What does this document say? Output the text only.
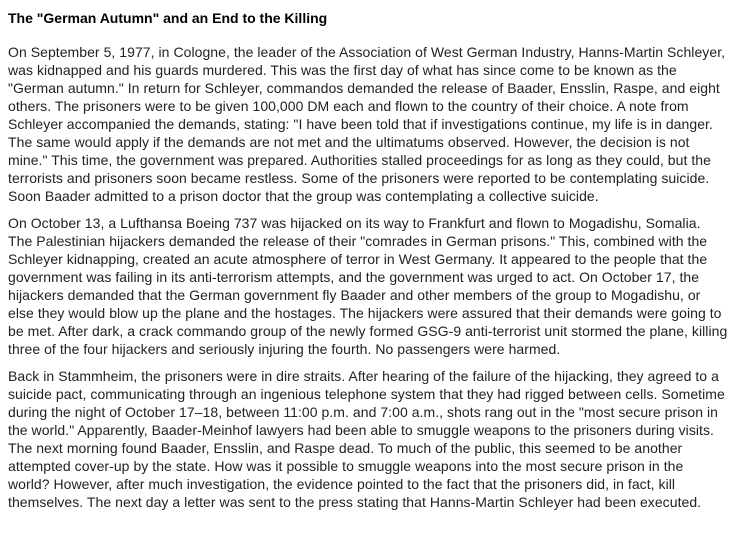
The "German Autumn" and an End to the Killing

On September 5, 1977, in Cologne, the leader of the Association of West German Industry, Hanns-Martin Schleyer, was kidnapped and his guards murdered. This was the first day of what has since come to be known as the "German autumn." In return for Schleyer, commandos demanded the release of Baader, Ensslin, Raspe, and eight others. The prisoners were to be given 100,000 DM each and flown to the country of their choice. A note from Schleyer accompanied the demands, stating: "I have been told that if investigations continue, my life is in danger. The same would apply if the demands are not met and the ultimatums observed. However, the decision is not mine." This time, the government was prepared. Authorities stalled proceedings for as long as they could, but the terrorists and prisoners soon became restless. Some of the prisoners were reported to be contemplating suicide. Soon Baader admitted to a prison doctor that the group was contemplating a collective suicide.

On October 13, a Lufthansa Boeing 737 was hijacked on its way to Frankfurt and flown to Mogadishu, Somalia. The Palestinian hijackers demanded the release of their "comrades in German prisons." This, combined with the Schleyer kidnapping, created an acute atmosphere of terror in West Germany. It appeared to the people that the government was failing in its anti-terrorism attempts, and the government was urged to act. On October 17, the hijackers demanded that the German government fly Baader and other members of the group to Mogadishu, or else they would blow up the plane and the hostages. The hijackers were assured that their demands were going to be met. After dark, a crack commando group of the newly formed GSG-9 anti-terrorist unit stormed the plane, killing three of the four hijackers and seriously injuring the fourth. No passengers were harmed.

Back in Stammheim, the prisoners were in dire straits. After hearing of the failure of the hijacking, they agreed to a suicide pact, communicating through an ingenious telephone system that they had rigged between cells. Sometime during the night of October 17–18, between 11:00 p.m. and 7:00 a.m., shots rang out in the "most secure prison in the world." Apparently, Baader-Meinhof lawyers had been able to smuggle weapons to the prisoners during visits. The next morning found Baader, Ensslin, and Raspe dead. To much of the public, this seemed to be another attempted cover-up by the state. How was it possible to smuggle weapons into the most secure prison in the world? However, after much investigation, the evidence pointed to the fact that the prisoners did, in fact, kill themselves. The next day a letter was sent to the press stating that Hanns-Martin Schleyer had been executed.
